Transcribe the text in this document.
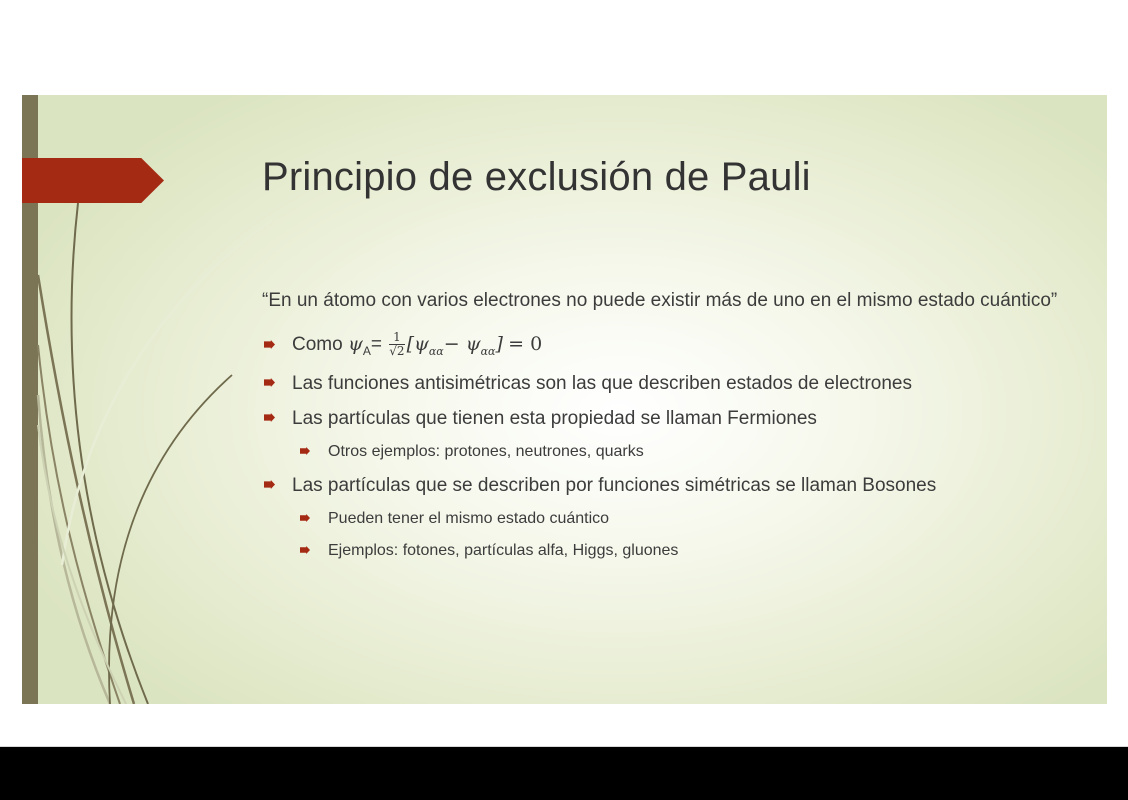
Principio de exclusión de Pauli
“En un átomo con varios electrones no puede existir más de uno en el mismo estado cuántico”
Como $\psi_A= \frac{1}{√2} [\psi_{\alpha\alpha}- \psi_{\alpha\alpha}] = 0$
Las funciones antisimétricas son las que describen estados de electrones
Las partículas que tienen esta propiedad se llaman Fermiones
Otros ejemplos: protones, neutrones, quarks
Las partículas que se describen por funciones simétricas se llaman Bosones
Pueden tener el mismo estado cuántico
Ejemplos: fotones, partículas alfa, Higgs, gluones
